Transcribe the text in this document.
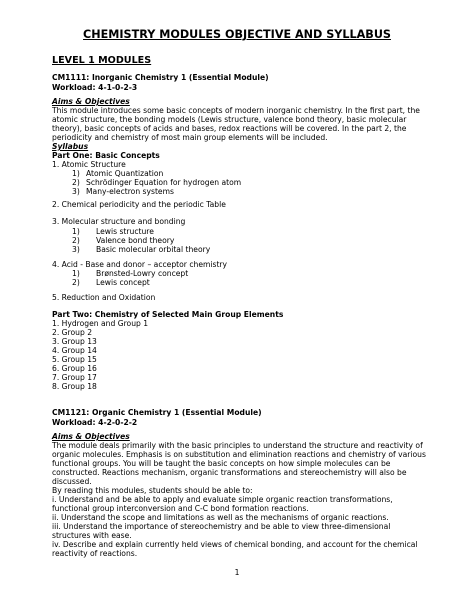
CHEMISTRY MODULES OBJECTIVE AND SYLLABUS
LEVEL 1 MODULES
CM1111: Inorganic Chemistry 1 (Essential Module)
Workload: 4-1-0-2-3
Aims & Objectives
This module introduces some basic concepts of modern inorganic chemistry. In the first part, the
atomic structure, the bonding models (Lewis structure, valence bond theory, basic molecular
theory), basic concepts of acids and bases, redox reactions will be covered. In the part 2, the
periodicity and chemistry of most main group elements will be included.
Syllabus
Part One: Basic Concepts
1. Atomic Structure
1) Atomic Quantization
2) Schrödinger Equation for hydrogen atom
3) Many-electron systems
2. Chemical periodicity and the periodic Table
3. Molecular structure and bonding
1) Lewis structure
2) Valence bond theory
3) Basic molecular orbital theory
4. Acid - Base and donor – acceptor chemistry
1) Brønsted-Lowry concept
2) Lewis concept
5. Reduction and Oxidation
Part Two: Chemistry of Selected Main Group Elements
1. Hydrogen and Group 1
2. Group 2
3. Group 13
4. Group 14
5. Group 15
6. Group 16
7. Group 17
8. Group 18
CM1121: Organic Chemistry 1 (Essential Module)
Workload: 4-2-0-2-2
Aims & Objectives
The module deals primarily with the basic principles to understand the structure and reactivity of
organic molecules. Emphasis is on substitution and elimination reactions and chemistry of various
functional groups. You will be taught the basic concepts on how simple molecules can be
constructed. Reactions mechanism, organic transformations and stereochemistry will also be
discussed.
By reading this modules, students should be able to:
i. Understand and be able to apply and evaluate simple organic reaction transformations,
functional group interconversion and C-C bond formation reactions.
ii. Understand the scope and limitations as well as the mechanisms of organic reactions.
iii. Understand the importance of stereochemistry and be able to view three-dimensional
structures with ease.
iv. Describe and explain currently held views of chemical bonding, and account for the chemical
reactivity of reactions.
1
